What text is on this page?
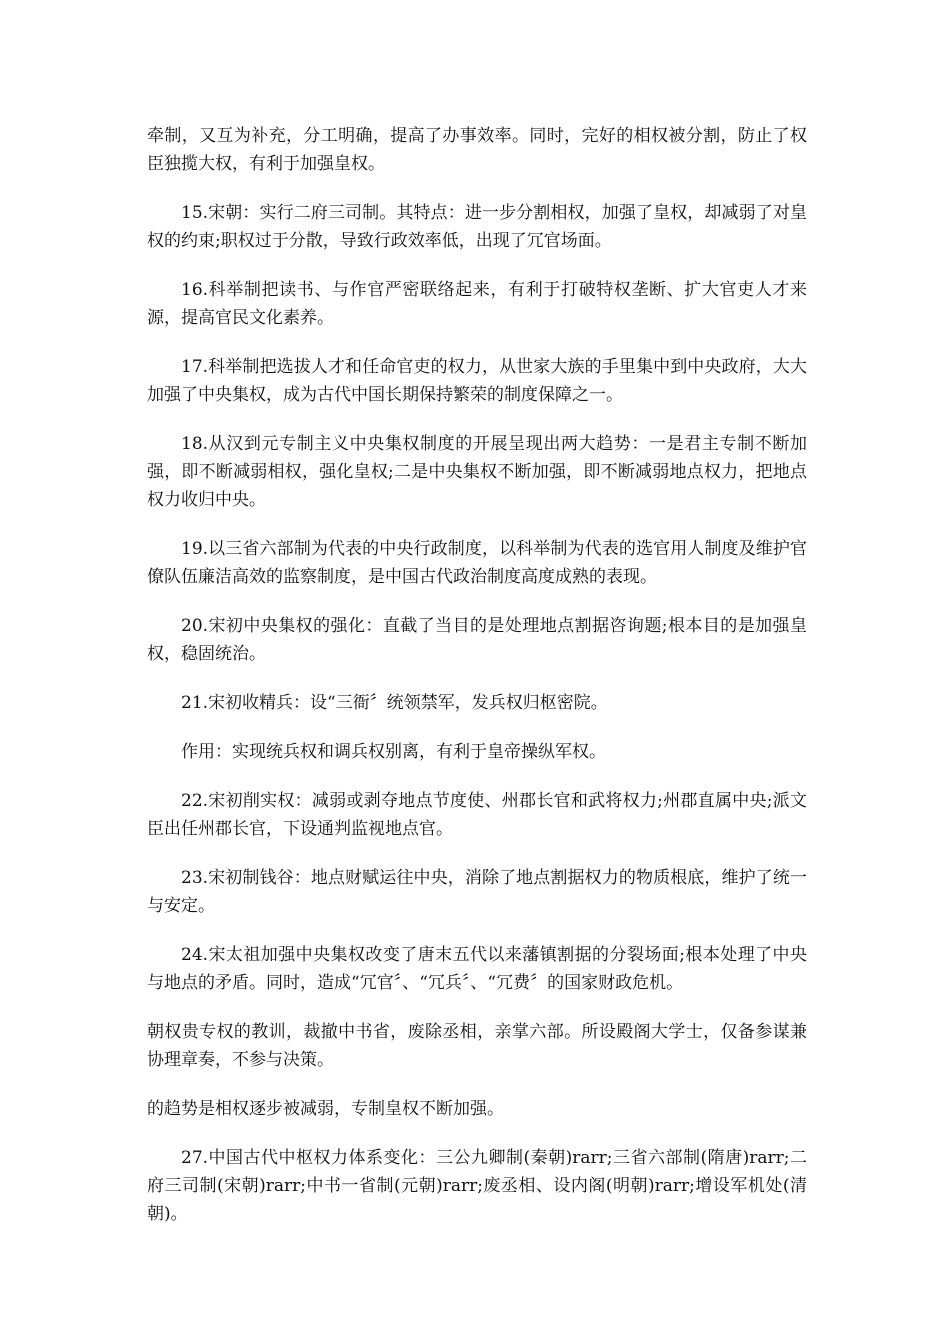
牵制，又互为补充，分工明确，提高了办事效率。同时，完好的相权被分割，防止了权臣独揽大权，有利于加强皇权。

15.宋朝：实行二府三司制。其特点：进一步分割相权，加强了皇权，却减弱了对皇权的约束;职权过于分散，导致行政效率低，出现了冗官场面。

16.科举制把读书、与作官严密联络起来，有利于打破特权垄断、扩大官吏人才来源，提高官民文化素养。

17.科举制把选拔人才和任命官吏的权力，从世家大族的手里集中到中央政府，大大加强了中央集权，成为古代中国长期保持繁荣的制度保障之一。

18.从汉到元专制主义中央集权制度的开展呈现出两大趋势：一是君主专制不断加强，即不断减弱相权，强化皇权;二是中央集权不断加强，即不断减弱地点权力，把地点权力收归中央。

19.以三省六部制为代表的中央行政制度，以科举制为代表的选官用人制度及维护官僚队伍廉洁高效的监察制度，是中国古代政治制度高度成熟的表现。

20.宋初中央集权的强化：直截了当目的是处理地点割据咨询题;根本目的是加强皇权，稳固统治。

21.宋初收精兵：设“三衙〞统领禁军，发兵权归枢密院。

作用：实现统兵权和调兵权别离，有利于皇帝操纵军权。

22.宋初削实权：减弱或剥夺地点节度使、州郡长官和武将权力;州郡直属中央;派文臣出任州郡长官，下设通判监视地点官。

23.宋初制钱谷：地点财赋运往中央，消除了地点割据权力的物质根底，维护了统一与安定。

24.宋太祖加强中央集权改变了唐末五代以来藩镇割据的分裂场面;根本处理了中央与地点的矛盾。同时，造成“冗官〞、“冗兵〞、“冗费〞的国家财政危机。

朝权贵专权的教训，裁撤中书省，废除丞相，亲掌六部。所设殿阁大学士，仅备参谋兼协理章奏，不参与决策。

的趋势是相权逐步被减弱，专制皇权不断加强。

27.中国古代中枢权力体系变化：三公九卿制(秦朝)rarr;三省六部制(隋唐)rarr;二府三司制(宋朝)rarr;中书一省制(元朝)rarr;废丞相、设内阁(明朝)rarr;增设军机处(清朝)。
